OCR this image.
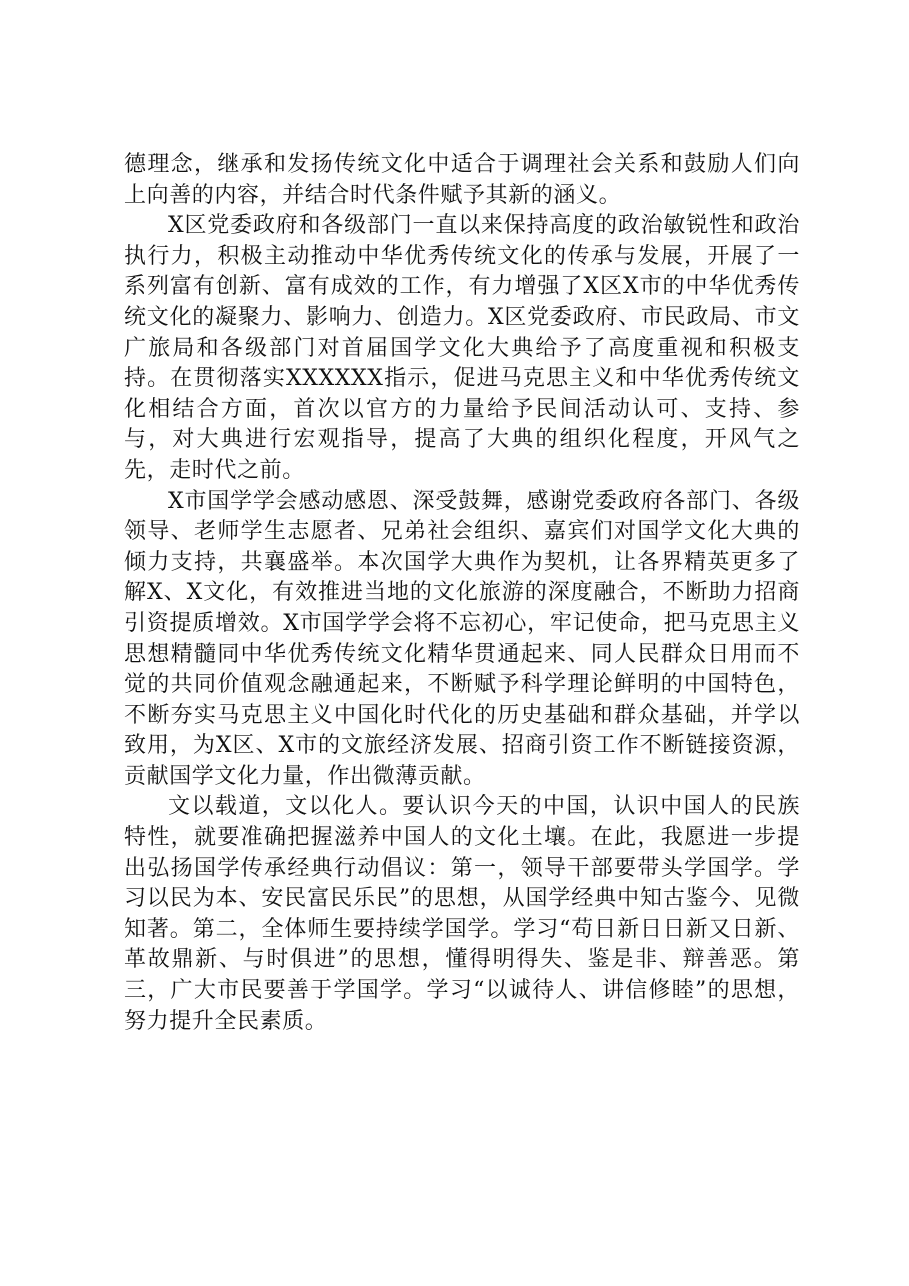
德理念，继承和发扬传统文化中适合于调理社会关系和鼓励人们向上向善的内容，并结合时代条件赋予其新的涵义。

X区党委政府和各级部门一直以来保持高度的政治敏锐性和政治执行力，积极主动推动中华优秀传统文化的传承与发展，开展了一系列富有创新、富有成效的工作，有力增强了X区X市的中华优秀传统文化的凝聚力、影响力、创造力。X区党委政府、市民政局、市文广旅局和各级部门对首届国学文化大典给予了高度重视和积极支持。在贯彻落实XXXXXX指示，促进马克思主义和中华优秀传统文化相结合方面，首次以官方的力量给予民间活动认可、支持、参与，对大典进行宏观指导，提高了大典的组织化程度，开风气之先，走时代之前。

X市国学学会感动感恩、深受鼓舞，感谢党委政府各部门、各级领导、老师学生志愿者、兄弟社会组织、嘉宾们对国学文化大典的倾力支持，共襄盛举。本次国学大典作为契机，让各界精英更多了解X、X文化，有效推进当地的文化旅游的深度融合，不断助力招商引资提质增效。X市国学学会将不忘初心，牢记使命，把马克思主义思想精髓同中华优秀传统文化精华贯通起来、同人民群众日用而不觉的共同价值观念融通起来，不断赋予科学理论鲜明的中国特色，不断夯实马克思主义中国化时代化的历史基础和群众基础，并学以致用，为X区、X市的文旅经济发展、招商引资工作不断链接资源，贡献国学文化力量，作出微薄贡献。

文以载道，文以化人。要认识今天的中国，认识中国人的民族特性，就要准确把握滋养中国人的文化土壤。在此，我愿进一步提出弘扬国学传承经典行动倡议：第一，领导干部要带头学国学。学习以民为本、安民富民乐民”的思想，从国学经典中知古鉴今、见微知著。第二，全体师生要持续学国学。学习“苟日新日日新又日新、革故鼎新、与时俱进”的思想，懂得明得失、鉴是非、辩善恶。第三，广大市民要善于学国学。学习“以诚待人、讲信修睦”的思想，努力提升全民素质。
